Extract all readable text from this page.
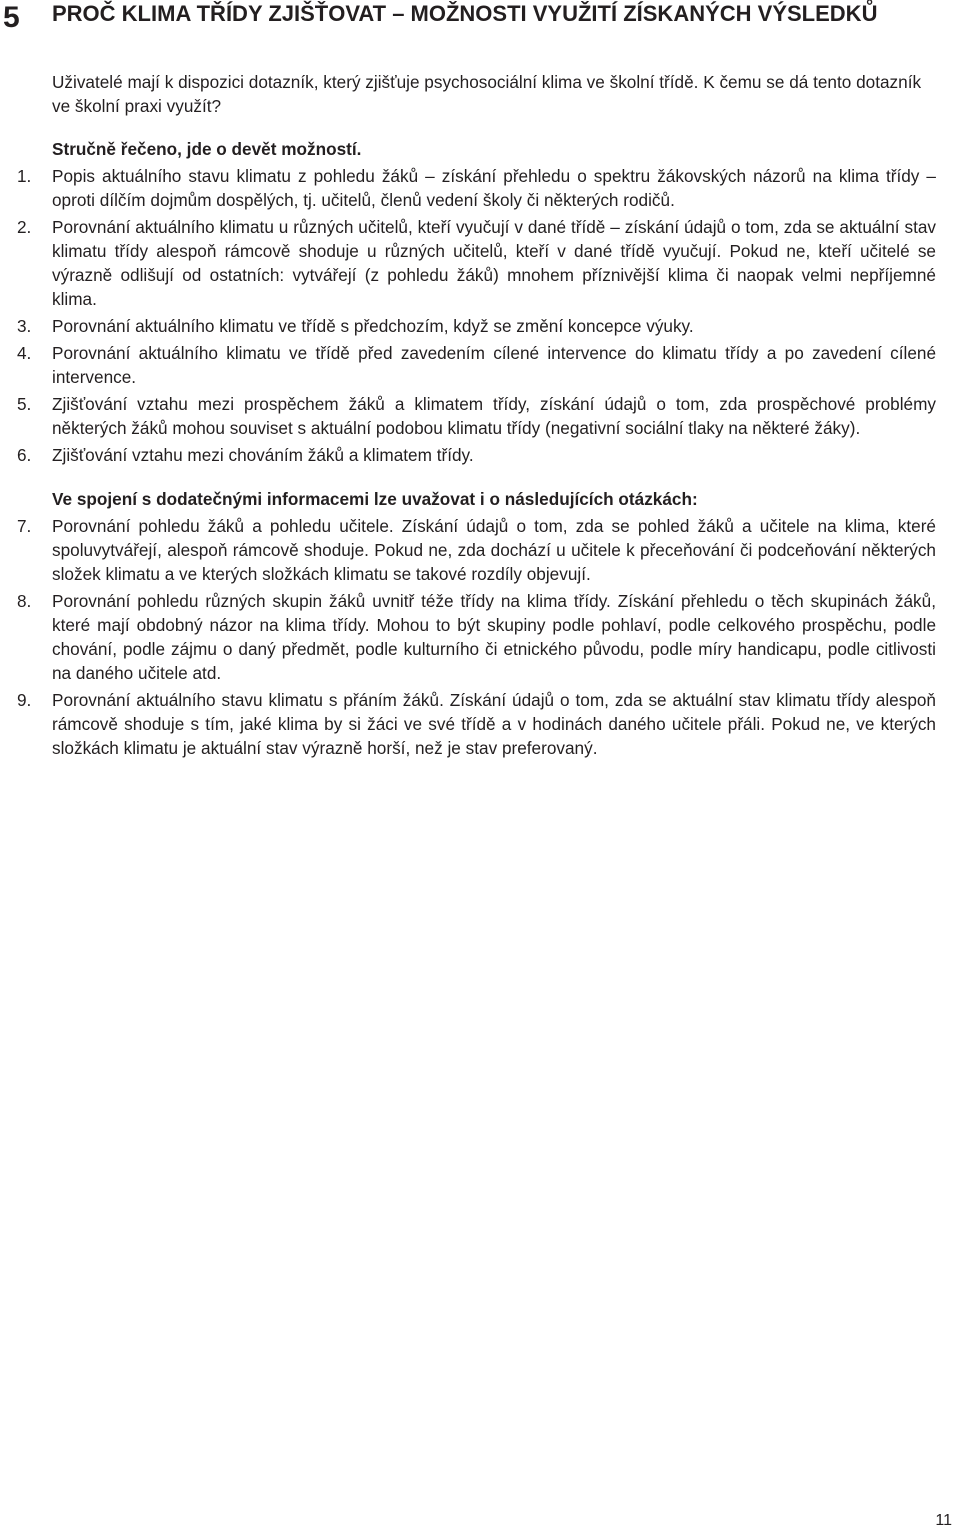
5 PROČ KLIMA TŘÍDY ZJIŠŤOVAT – MOŽNOSTI VYUŽITÍ ZÍSKANÝCH VÝSLEDKŮ

Uživatelé mají k dispozici dotazník, který zjišťuje psychosociální klima ve školní třídě. K čemu se dá tento dotazník ve školní praxi využít?

Stručně řečeno, jde o devět možností.

1.	Popis aktuálního stavu klimatu z pohledu žáků – získání přehledu o spektru žákovských názorů na klima třídy – oproti dílčím dojmům dospělých, tj. učitelů, členů vedení školy či některých rodičů.
2.	Porovnání aktuálního klimatu u různých učitelů, kteří vyučují v dané třídě – získání údajů o tom, zda se aktuální stav klimatu třídy alespoň rámcově shoduje u různých učitelů, kteří v dané třídě vyučují. Pokud ne, kteří učitelé se výrazně odlišují od ostatních: vytvářejí (z pohledu žáků) mnohem příznivější klima či naopak velmi nepříjemné klima.
3.	Porovnání aktuálního klimatu ve třídě s předchozím, když se změní koncepce výuky.
4.	Porovnání aktuálního klimatu ve třídě před zavedením cílené intervence do klimatu třídy a po zavedení cílené intervence.
5.	Zjišťování vztahu mezi prospěchem žáků a klimatem třídy, získání údajů o tom, zda prospěchové problémy některých žáků mohou souviset s aktuální podobou klimatu třídy (negativní sociální tlaky na některé žáky).
6.	Zjišťování vztahu mezi chováním žáků a klimatem třídy.

Ve spojení s dodatečnými informacemi lze uvažovat i o následujících otázkách:

7.	Porovnání pohledu žáků a pohledu učitele. Získání údajů o tom, zda se pohled žáků a učitele na klima, které spoluvytvářejí, alespoň rámcově shoduje. Pokud ne, zda dochází u učitele k přeceňování či podceňování některých složek klimatu a ve kterých složkách klimatu se takové rozdíly objevují.
8.	Porovnání pohledu různých skupin žáků uvnitř téže třídy na klima třídy. Získání přehledu o těch skupinách žáků, které mají obdobný názor na klima třídy. Mohou to být skupiny podle pohlaví, podle celkového prospěchu, podle chování, podle zájmu o daný předmět, podle kulturního či etnického původu, podle míry handicapu, podle citlivosti na daného učitele atd.
9.	Porovnání aktuálního stavu klimatu s přáním žáků. Získání údajů o tom, zda se aktuální stav klimatu třídy alespoň rámcově shoduje s tím, jaké klima by si žáci ve své třídě a v hodinách daného učitele přáli. Pokud ne, ve kterých složkách klimatu je aktuální stav výrazně horší, než je stav preferovaný.
11
